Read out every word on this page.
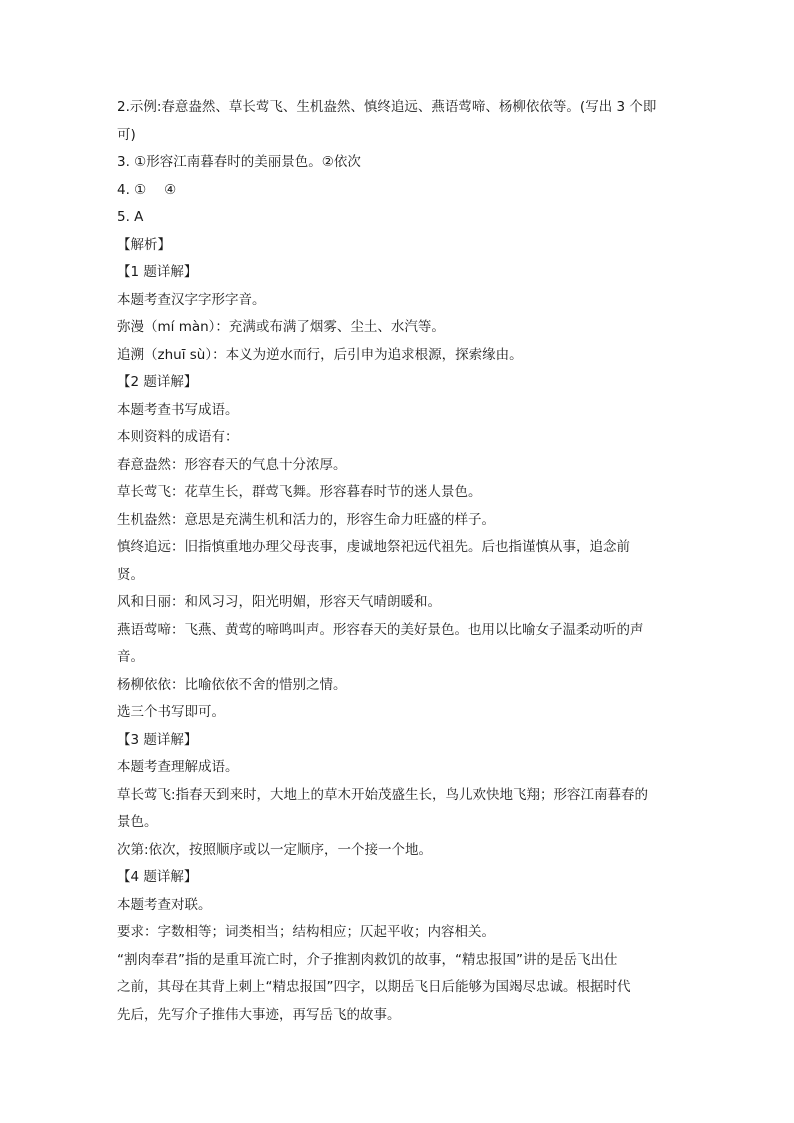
2.示例:春意盎然、草长莺飞、生机盎然、慎终追远、燕语莺啼、杨柳依依等。(写出 3 个即
可)
3. ①形容江南暮春时的美丽景色。②依次
4. ①　 ④
5. A
【解析】
【1 题详解】
本题考查汉字字形字音。
弥漫（mí màn）：充满或布满了烟雾、尘土、水汽等。
追溯（zhuī sù）：本义为逆水而行，后引申为追求根源，探索缘由。
【2 题详解】
本题考查书写成语。
本则资料的成语有：
春意盎然：形容春天的气息十分浓厚。
草长莺飞：花草生长，群莺飞舞。形容暮春时节的迷人景色。
生机盎然：意思是充满生机和活力的，形容生命力旺盛的样子。
慎终追远：旧指慎重地办理父母丧事，虔诚地祭祀远代祖先。后也指谨慎从事，追念前
贤。
风和日丽：和风习习，阳光明媚，形容天气晴朗暖和。
燕语莺啼：飞燕、黄莺的啼鸣叫声。形容春天的美好景色。也用以比喻女子温柔动听的声
音。
杨柳依依：比喻依依不舍的惜别之情。
选三个书写即可。
【3 题详解】
本题考查理解成语。
草长莺飞:指春天到来时，大地上的草木开始茂盛生长，鸟儿欢快地飞翔；形容江南暮春的
景色。
次第:依次，按照顺序或以一定顺序，一个接一个地。
【4 题详解】
本题考查对联。
要求：字数相等；词类相当；结构相应；仄起平收；内容相关。
“割肉奉君”指的是重耳流亡时，介子推割肉救饥的故事，“精忠报国”讲的是岳飞出仕
之前，其母在其背上刺上“精忠报国”四字，以期岳飞日后能够为国竭尽忠诚。根据时代
先后，先写介子推伟大事迹，再写岳飞的故事。
